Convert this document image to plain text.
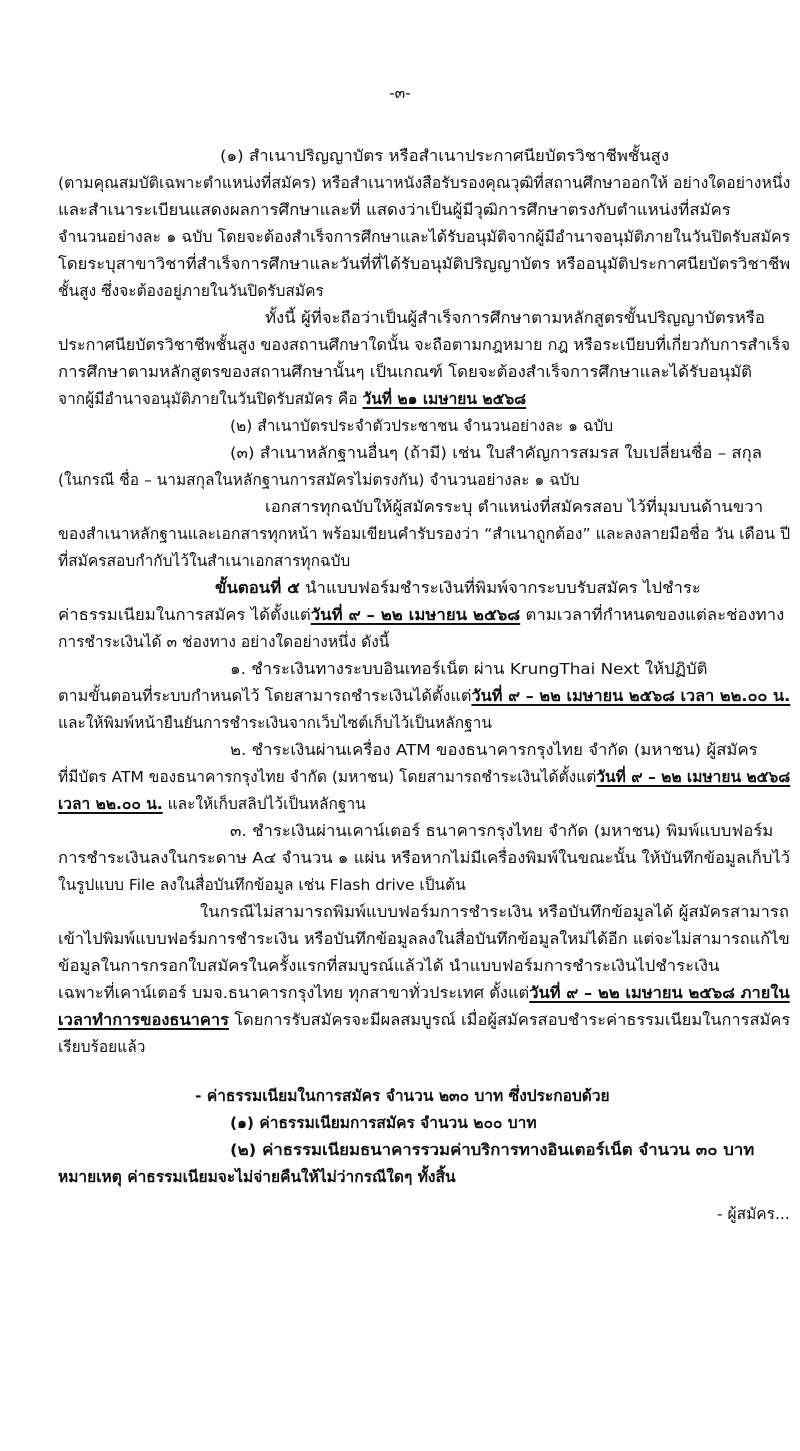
-๓-
(๑) สำเนาปริญญาบัตร หรือสำเนาประกาศนียบัตรวิชาชีพชั้นสูง
(ตามคุณสมบัติเฉพาะตำแหน่งที่สมัคร) หรือสำเนาหนังสือรับรองคุณวุฒิที่สถานศึกษาออกให้ อย่างใดอย่างหนึ่ง
และสำเนาระเบียนแสดงผลการศึกษาและที่ แสดงว่าเป็นผู้มีวุฒิการศึกษาตรงกับตำแหน่งที่สมัคร
จำนวนอย่างละ ๑ ฉบับ โดยจะต้องสำเร็จการศึกษาและได้รับอนุมัติจากผู้มีอำนาจอนุมัติภายในวันปิดรับสมัคร
โดยระบุสาขาวิชาที่สำเร็จการศึกษาและวันที่ที่ได้รับอนุมัติปริญญาบัตร หรืออนุมัติประกาศนียบัตรวิชาชีพ
ชั้นสูง ซึ่งจะต้องอยู่ภายในวันปิดรับสมัคร
ทั้งนี้ ผู้ที่จะถือว่าเป็นผู้สำเร็จการศึกษาตามหลักสูตรขั้นปริญญาบัตรหรือ
ประกาศนียบัตรวิชาชีพชั้นสูง ของสถานศึกษาใดนั้น จะถือตามกฎหมาย กฎ หรือระเบียบที่เกี่ยวกับการสำเร็จ
การศึกษาตามหลักสูตรของสถานศึกษานั้นๆ เป็นเกณฑ์ โดยจะต้องสำเร็จการศึกษาและได้รับอนุมัติ
จากผู้มีอำนาจอนุมัติภายในวันปิดรับสมัคร คือ วันที่ ๒๑ เมษายน ๒๕๖๘
(๒) สำเนาบัตรประจำตัวประชาชน จำนวนอย่างละ ๑ ฉบับ
(๓) สำเนาหลักฐานอื่นๆ (ถ้ามี) เช่น ใบสำคัญการสมรส ใบเปลี่ยนชื่อ – สกุล
(ในกรณี ชื่อ – นามสกุลในหลักฐานการสมัครไม่ตรงกัน) จำนวนอย่างละ ๑ ฉบับ
เอกสารทุกฉบับให้ผู้สมัครระบุ ตำแหน่งที่สมัครสอบ ไว้ที่มุมบนด้านขวา
ของสำเนาหลักฐานและเอกสารทุกหน้า พร้อมเขียนคำรับรองว่า “สำเนาถูกต้อง” และลงลายมือชื่อ วัน เดือน ปี
ที่สมัครสอบกำกับไว้ในสำเนาเอกสารทุกฉบับ
ขั้นตอนที่ ๕ นำแบบฟอร์มชำระเงินที่พิมพ์จากระบบรับสมัคร ไปชำระ
ค่าธรรมเนียมในการสมัคร ได้ตั้งแต่วันที่ ๙ – ๒๒ เมษายน ๒๕๖๘ ตามเวลาที่กำหนดของแต่ละช่องทาง
การชำระเงินได้ ๓ ช่องทาง อย่างใดอย่างหนึ่ง ดังนี้
๑. ชำระเงินทางระบบอินเทอร์เน็ต ผ่าน KrungThai Next ให้ปฏิบัติ
ตามขั้นตอนที่ระบบกำหนดไว้ โดยสามารถชำระเงินได้ตั้งแต่วันที่ ๙ – ๒๒ เมษายน ๒๕๖๘ เวลา ๒๒.๐๐ น.
และให้พิมพ์หน้ายืนยันการชำระเงินจากเว็บไซต์เก็บไว้เป็นหลักฐาน
๒. ชำระเงินผ่านเครื่อง ATM ของธนาคารกรุงไทย จำกัด (มหาชน) ผู้สมัคร
ที่มีบัตร ATM ของธนาคารกรุงไทย จำกัด (มหาชน) โดยสามารถชำระเงินได้ตั้งแต่วันที่ ๙ – ๒๒ เมษายน ๒๕๖๘
เวลา ๒๒.๐๐ น. และให้เก็บสลิปไว้เป็นหลักฐาน
๓. ชำระเงินผ่านเคาน์เตอร์ ธนาคารกรุงไทย จำกัด (มหาชน) พิมพ์แบบฟอร์ม
การชำระเงินลงในกระดาษ A๔ จำนวน ๑ แผ่น หรือหากไม่มีเครื่องพิมพ์ในขณะนั้น ให้บันทึกข้อมูลเก็บไว้
ในรูปแบบ File ลงในสื่อบันทึกข้อมูล เช่น Flash drive เป็นต้น
ในกรณีไม่สามารถพิมพ์แบบฟอร์มการชำระเงิน หรือบันทึกข้อมูลได้ ผู้สมัครสามารถ
เข้าไปพิมพ์แบบฟอร์มการชำระเงิน หรือบันทึกข้อมูลลงในสื่อบันทึกข้อมูลใหม่ได้อีก แต่จะไม่สามารถแก้ไข
ข้อมูลในการกรอกใบสมัครในครั้งแรกที่สมบูรณ์แล้วได้ นำแบบฟอร์มการชำระเงินไปชำระเงิน
เฉพาะที่เคาน์เตอร์ บมจ.ธนาคารกรุงไทย ทุกสาขาทั่วประเทศ ตั้งแต่วันที่ ๙ – ๒๒ เมษายน ๒๕๖๘ ภายใน
เวลาทำการของธนาคาร โดยการรับสมัครจะมีผลสมบูรณ์ เมื่อผู้สมัครสอบชำระค่าธรรมเนียมในการสมัคร
เรียบร้อยแล้ว
- ค่าธรรมเนียมในการสมัคร จำนวน ๒๓๐ บาท ซึ่งประกอบด้วย
(๑) ค่าธรรมเนียมการสมัคร จำนวน ๒๐๐ บาท
(๒) ค่าธรรมเนียมธนาคารรวมค่าบริการทางอินเตอร์เน็ต จำนวน ๓๐ บาท
หมายเหตุ ค่าธรรมเนียมจะไม่จ่ายคืนให้ไม่ว่ากรณีใดๆ ทั้งสิ้น
- ผู้สมัคร...
